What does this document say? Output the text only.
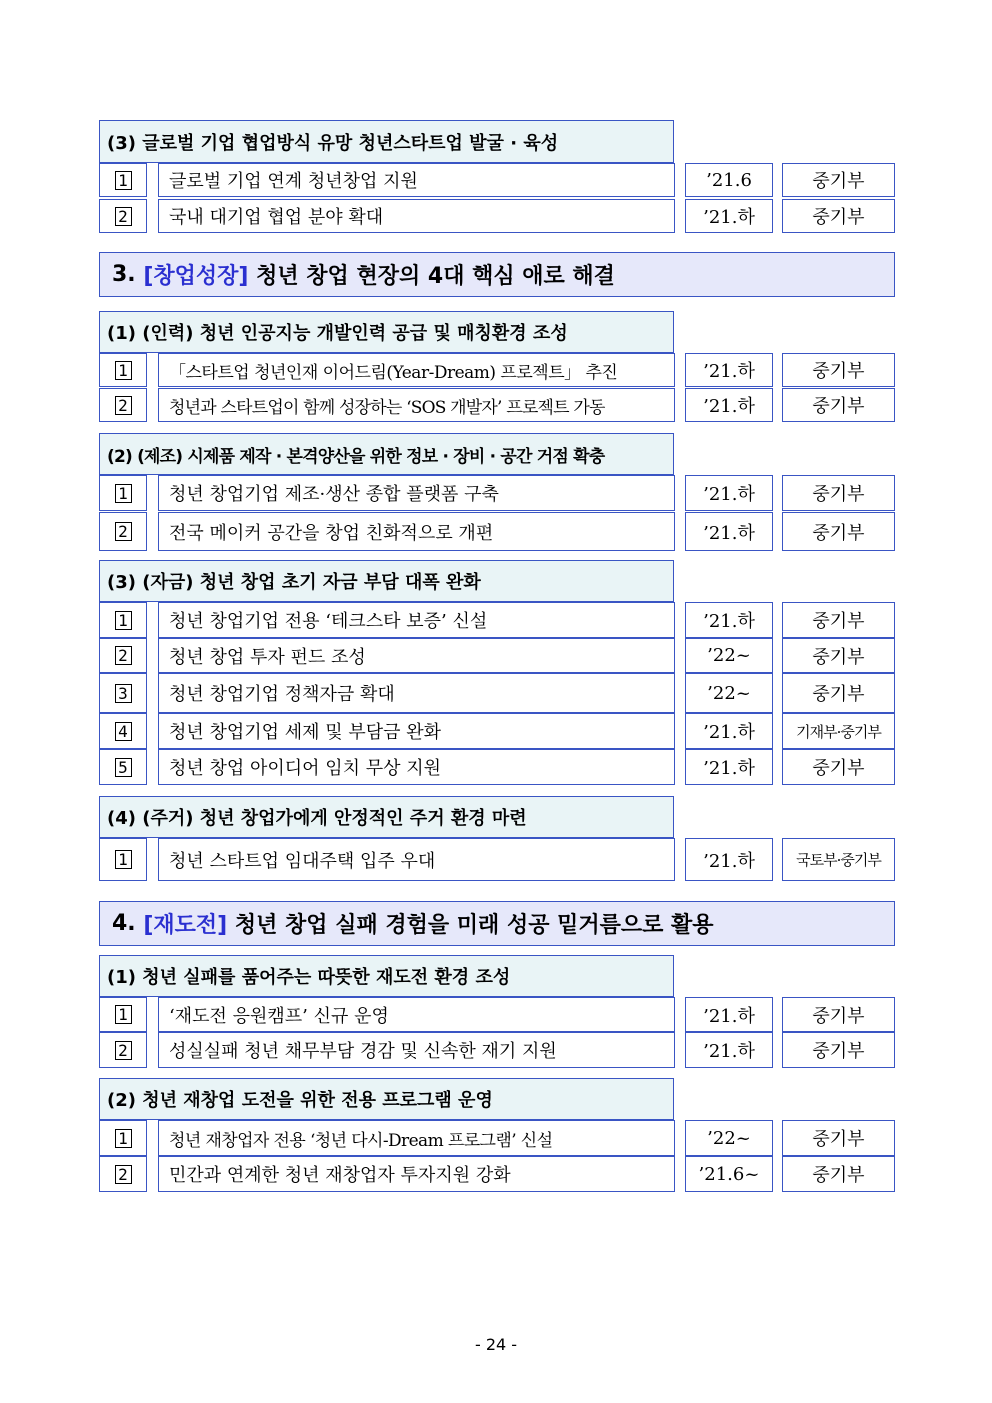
(3) 글로벌 기업 협업방식 유망 청년스타트업 발굴 · 육성
1	글로벌 기업 연계 청년창업 지원	’21.6	중기부
2	국내 대기업 협업 분야 확대	’21.하	중기부
3.
[창업성장]
청년 창업 현장의 4대 핵심 애로 해결
(1) (인력) 청년 인공지능 개발인력 공급 및 매칭환경 조성
1	「스타트업 청년인재 이어드림(Year-Dream) 프로젝트」 추진	’21.하	중기부
2	청년과 스타트업이 함께 성장하는 ‘SOS 개발자’ 프로젝트 가동	’21.하	중기부
(2) (제조) 시제품 제작 · 본격양산을 위한 정보 · 장비 · 공간 거점 확충
1	청년 창업기업 제조·생산 종합 플랫폼 구축	’21.하	중기부
2	전국 메이커 공간을 창업 친화적으로 개편	’21.하	중기부
(3) (자금) 청년 창업 초기 자금 부담 대폭 완화
1	청년 창업기업 전용 ‘테크스타 보증’ 신설	’21.하	중기부
2	청년 창업 투자 펀드 조성	’22~	중기부
3	청년 창업기업 정책자금 확대	’22~	중기부
4	청년 창업기업 세제 및 부담금 완화	’21.하	기재부·중기부
5	청년 창업 아이디어 임치 무상 지원	’21.하	중기부
(4) (주거) 청년 창업가에게 안정적인 주거 환경 마련
1	청년 스타트업 임대주택 입주 우대	’21.하	국토부·중기부
4.
[재도전]
청년 창업 실패 경험을 미래 성공 밑거름으로 활용
(1) 청년 실패를 품어주는 따뜻한 재도전 환경 조성
1	‘재도전 응원캠프’ 신규 운영	’21.하	중기부
2	성실실패 청년 채무부담 경감 및 신속한 재기 지원	’21.하	중기부
(2) 청년 재창업 도전을 위한 전용 프로그램 운영
1	청년 재창업자 전용 ‘청년 다시-Dream 프로그램’ 신설	’22~	중기부
2	민간과 연계한 청년 재창업자 투자지원 강화	’21.6~	중기부
- 24 -
